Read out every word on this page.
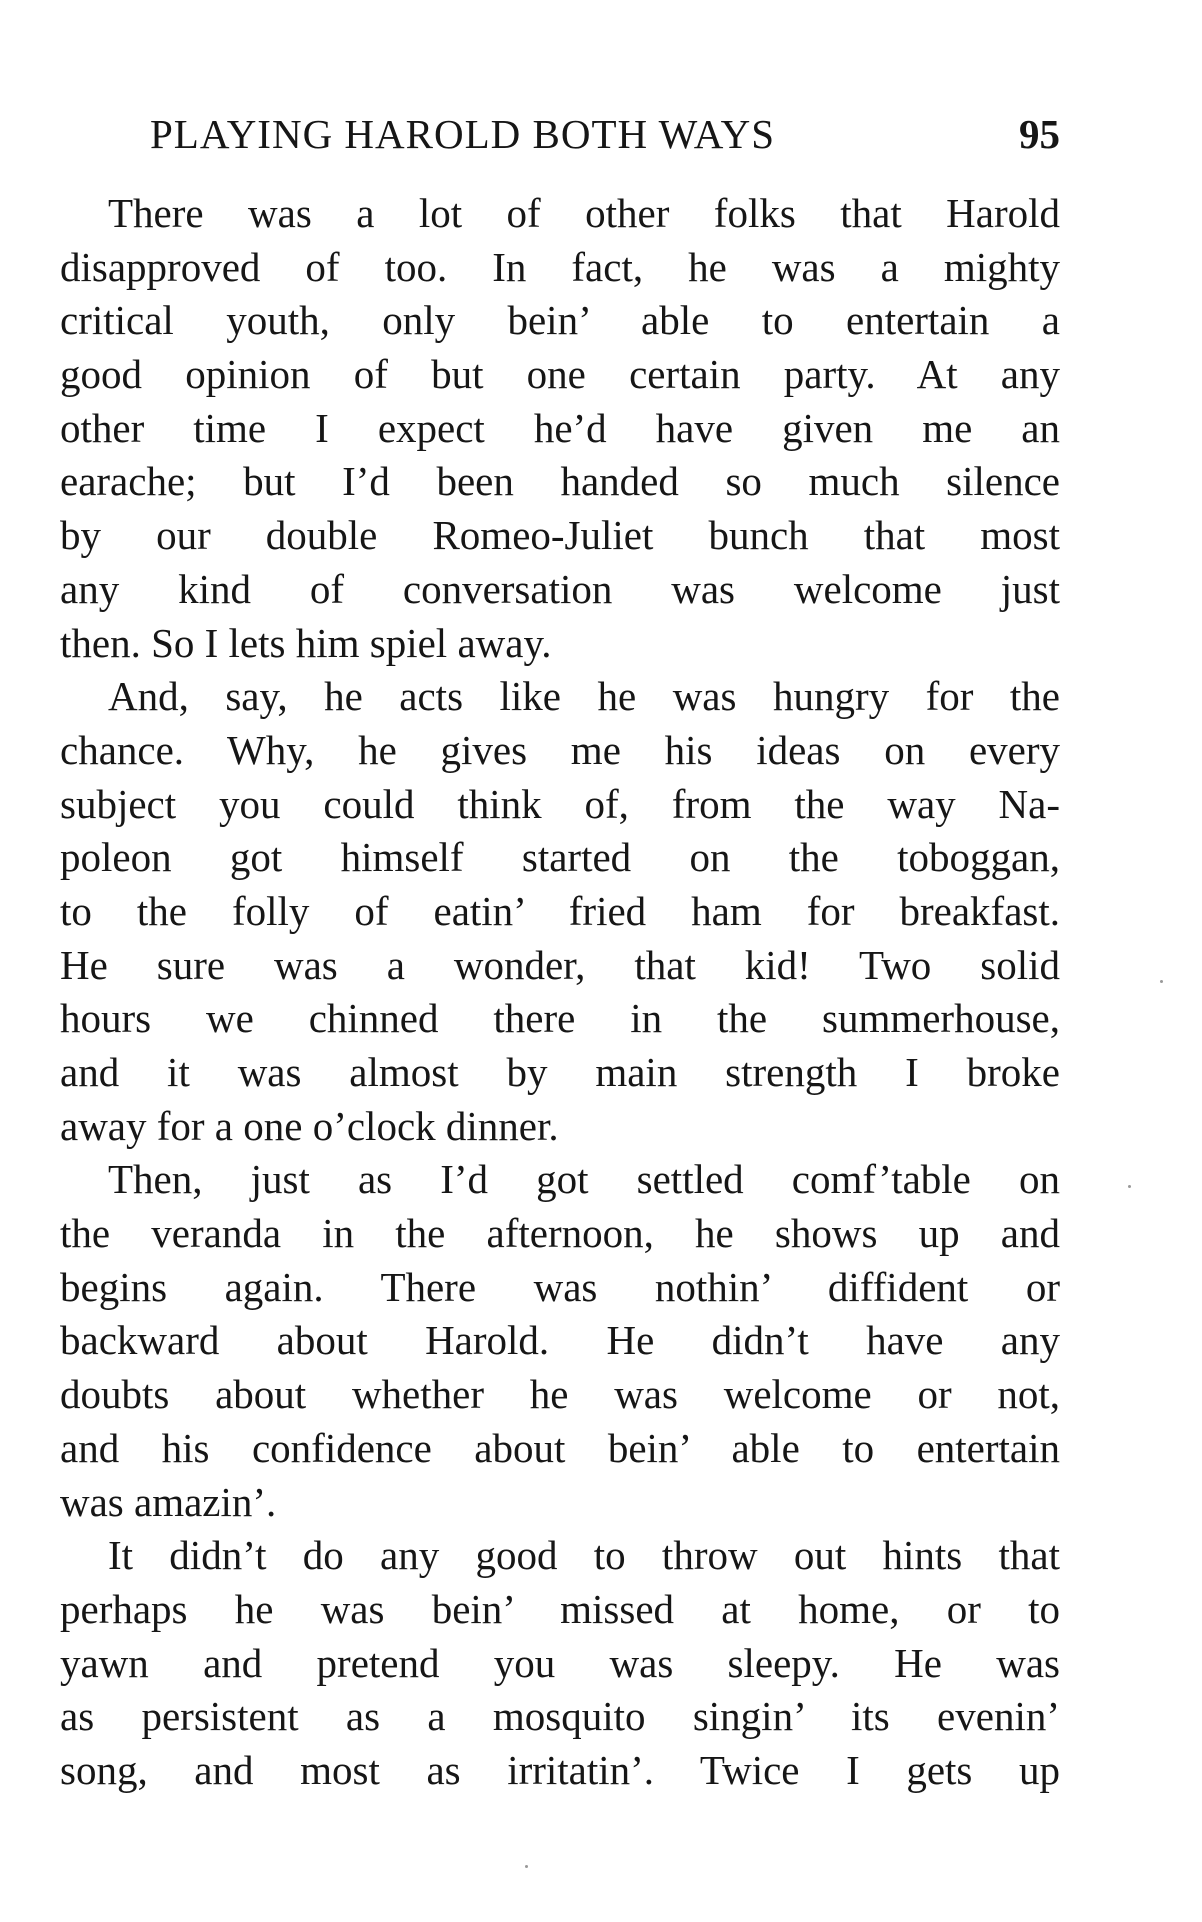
PLAYING HAROLD BOTH WAYS	95
There was a lot of other folks that Harold
disapproved of too. In fact, he was a mighty
critical youth, only bein’ able to entertain a
good opinion of but one certain party. At any
other time I expect he’d have given me an
earache; but I’d been handed so much silence
by our double Romeo-Juliet bunch that most
any kind of conversation was welcome just
then. So I lets him spiel away.
And, say, he acts like he was hungry for the
chance. Why, he gives me his ideas on every
subject you could think of, from the way Na-
poleon got himself started on the toboggan,
to the folly of eatin’ fried ham for breakfast.
He sure was a wonder, that kid! Two solid
hours we chinned there in the summerhouse,
and it was almost by main strength I broke
away for a one o’clock dinner.
Then, just as I’d got settled comf’table on
the veranda in the afternoon, he shows up and
begins again. There was nothin’ diffident or
backward about Harold. He didn’t have any
doubts about whether he was welcome or not,
and his confidence about bein’ able to entertain
was amazin’.
It didn’t do any good to throw out hints that
perhaps he was bein’ missed at home, or to
yawn and pretend you was sleepy. He was
as persistent as a mosquito singin’ its evenin’
song, and most as irritatin’. Twice I gets up
